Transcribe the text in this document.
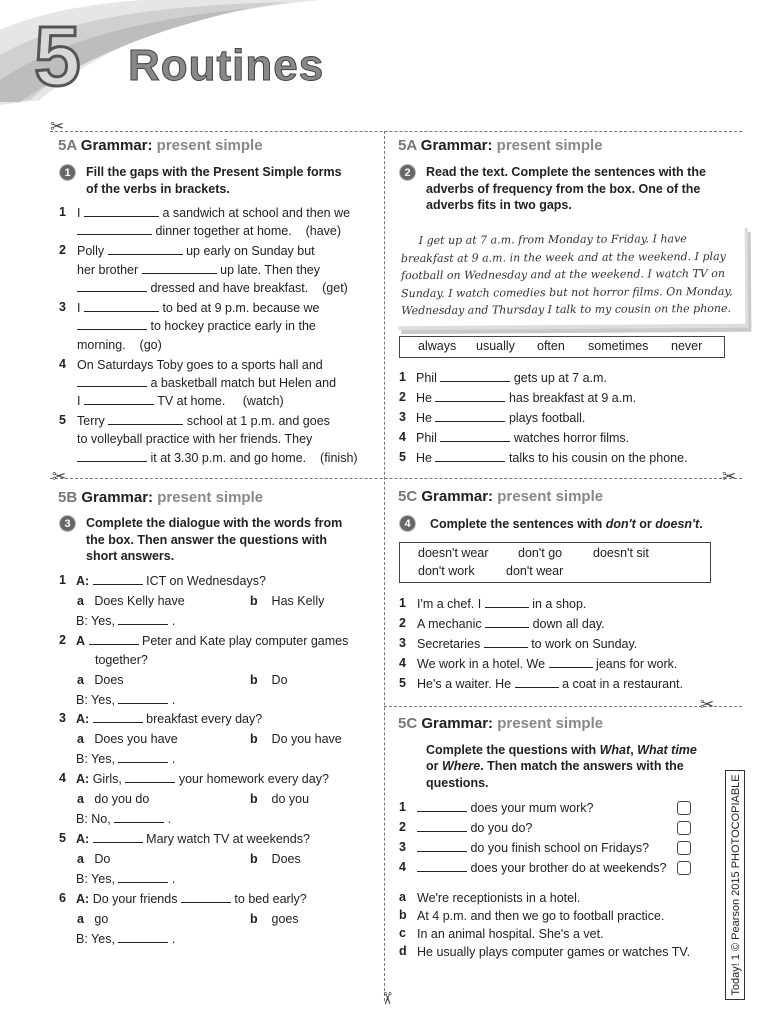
5 Routines
✂
✂	✂
✂
✂
5A Grammar: present simple
1	Fill the gaps with the Present Simple forms
of the verbs in brackets.
1 I	a sandwich at school and then we
dinner together at home. (have)
2 Polly	up early on Sunday but
her brother	up late. Then they
dressed and have breakfast. (get)
3 I	to bed at 9 p.m. because we
to hockey practice early in the
morning. (go)
4 On Saturdays Toby goes to a sports hall and
a basketball match but Helen and
I	TV at home. (watch)
5 Terry	school at 1 p.m. and goes
to volleyball practice with her friends. They
it at 3.30 p.m. and go home. (finish)
5A Grammar: present simple
2	Read the text. Complete the sentences with the
adverbs of frequency from the box. One of the
adverbs fits in two gaps.
I get up at 7 a.m. from Monday to Friday. I have
breakfast at 9 a.m. in the week and at the weekend. I play
football on Wednesday and at the weekend. I watch TV on
Sunday. I watch comedies but not horror films. On Monday,
Wednesday and Thursday I talk to my cousin on the phone.
always usually often sometimes never
1 Phil	gets up at 7 a.m.
2 He	has breakfast at 9 a.m.
3 He	plays football.
4 Phil	watches horror films.
5 He	talks to his cousin on the phone.
5B Grammar: present simple
3	Complete the dialogue with the words from
the box. Then answer the questions with
short answers.
1 A:	ICT on Wednesdays?
a Does Kelly have	b Has Kelly
B: Yes,	.
2 A	Peter and Kate play computer games
together?
a Does	b Do
B: Yes,	.
3 A:	breakfast every day?
a Does you have	b Do you have
B: Yes,	.
4 A: Girls,	your homework every day?
a do you do	b do you
B: No,	.
5 A:	Mary watch TV at weekends?
a Do	b Does
B: Yes,	.
6 A: Do your friends	to bed early?
a go	b goes
B: Yes,	.
5C Grammar: present simple
4	Complete the sentences with don't or doesn't.
doesn't wear don't go doesn't sit
don't work	don't wear
1 I'm a chef. I	in a shop.
2 A mechanic	down all day.
3 Secretaries	to work on Sunday.
4 We work in a hotel. We	jeans for work.
5 He's a waiter. He	a coat in a restaurant.
5C Grammar: present simple
Complete the questions with What, What time
or Where. Then match the answers with the
questions.
1	does your mum work?
2	do you do?
3	do you finish school on Fridays?
4	does your brother do at weekends?
a We're receptionists in a hotel.
b At 4 p.m. and then we go to football practice.
c In an animal hospital. She's a vet.
d He usually plays computer games or watches TV.	Today! 1 © Pearson 2015 PHOTOCOPIABLE
